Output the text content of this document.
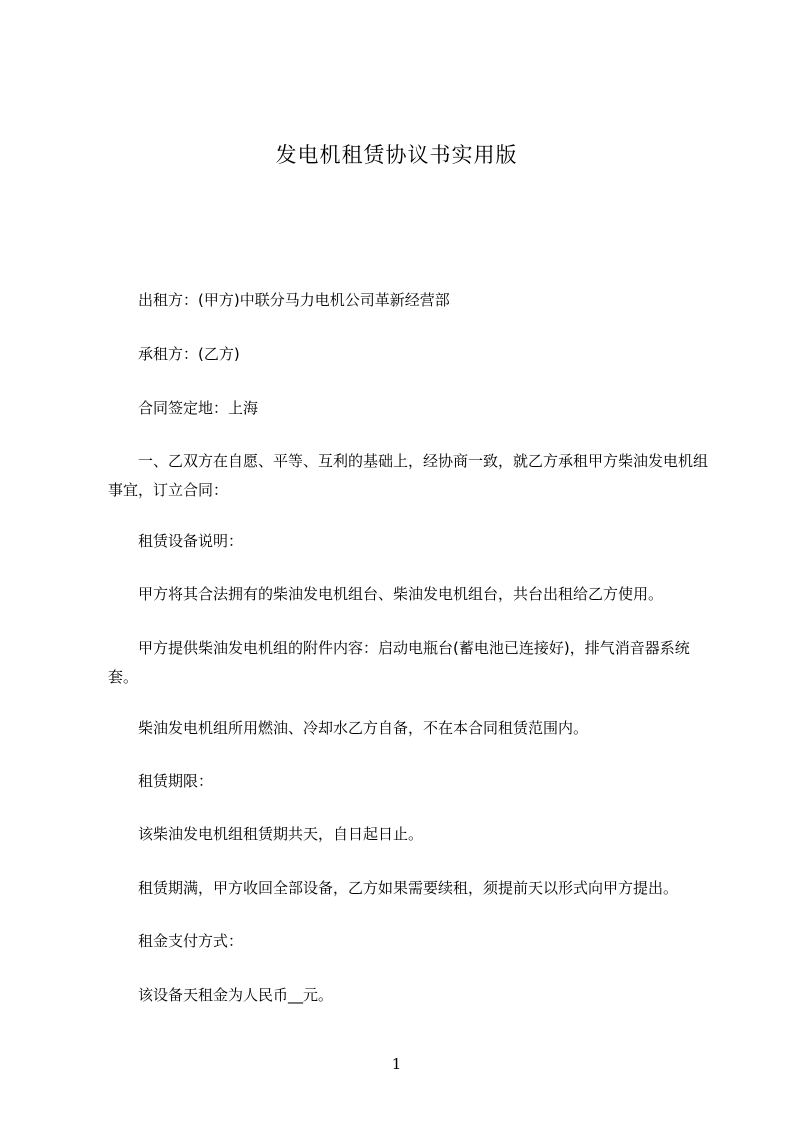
发电机租赁协议书实用版
出租方：(甲方)中联分马力电机公司革新经营部
承租方：(乙方)
合同签定地：上海
一、乙双方在自愿、平等、互利的基础上，经协商一致，就乙方承租甲方柴油发电机组事宜，订立合同：
租赁设备说明：
甲方将其合法拥有的柴油发电机组台、柴油发电机组台，共台出租给乙方使用。
甲方提供柴油发电机组的附件内容：启动电瓶台(蓄电池已连接好)，排气消音器系统套。
柴油发电机组所用燃油、冷却水乙方自备，不在本合同租赁范围内。
租赁期限：
该柴油发电机组租赁期共天，自日起日止。
租赁期满，甲方收回全部设备，乙方如果需要续租，须提前天以形式向甲方提出。
租金支付方式：
该设备天租金为人民币__元。
1
